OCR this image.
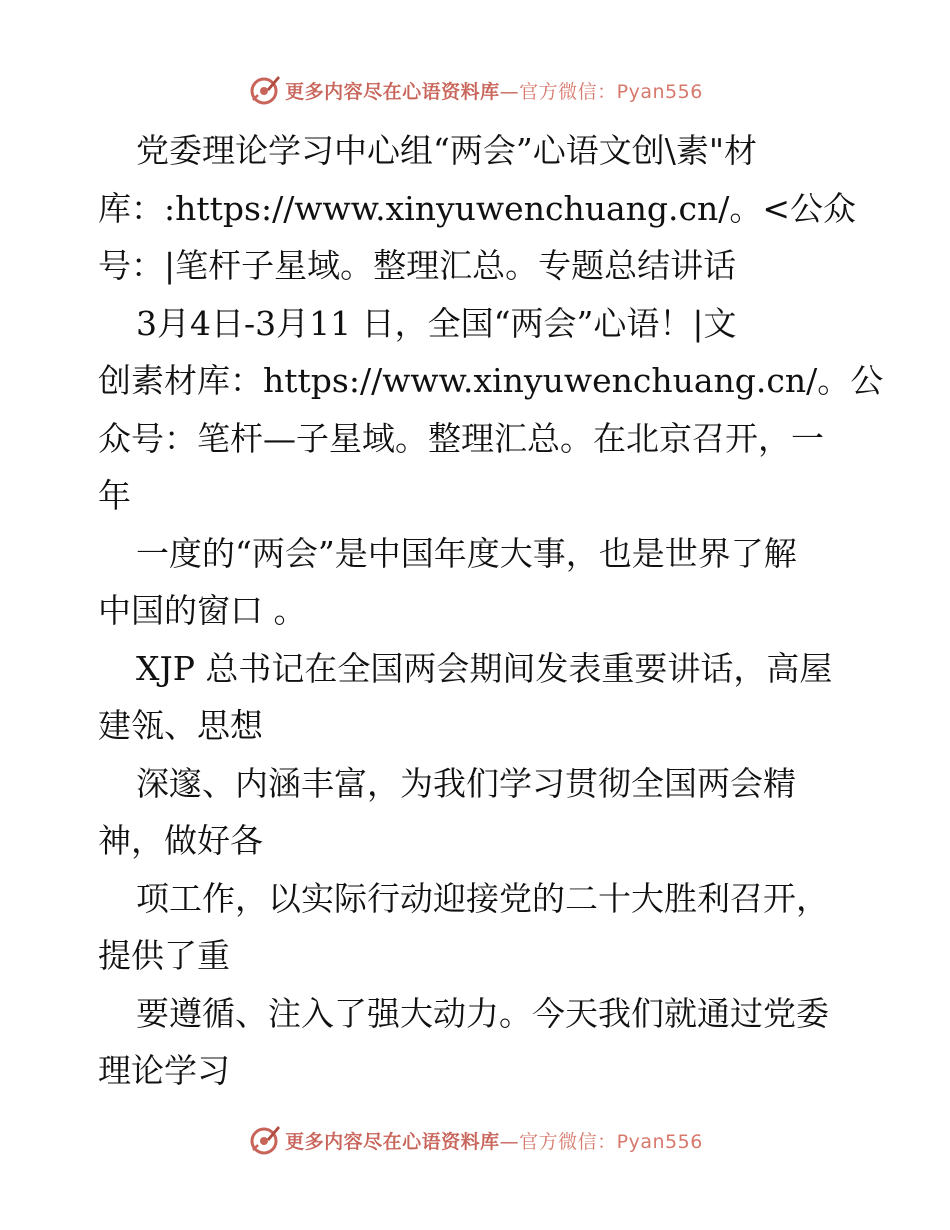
更多内容尽在心语资料库—官方微信：Pyan556
党委理论学习中心组“两会”心语文创\素"材
库：:https://www.xinyuwenchuang.cn/。<公众
号：|笔杆子星域。整理汇总。专题总结讲话
3月4日-3月11 日，全国“两会”心语！|文
创素材库：https://www.xinyuwenchuang.cn/。公
众号：笔杆—子星域。整理汇总。在北京召开，一
年
一度的“两会”是中国年度大事，也是世界了解
中国的窗口 。
XJP 总书记在全国两会期间发表重要讲话，高屋
建瓴、思想
深邃、内涵丰富，为我们学习贯彻全国两会精
神，做好各
项工作，以实际行动迎接党的二十大胜利召开，
提供了重
要遵循、注入了强大动力。今天我们就通过党委
理论学习
更多内容尽在心语资料库—官方微信：Pyan556
